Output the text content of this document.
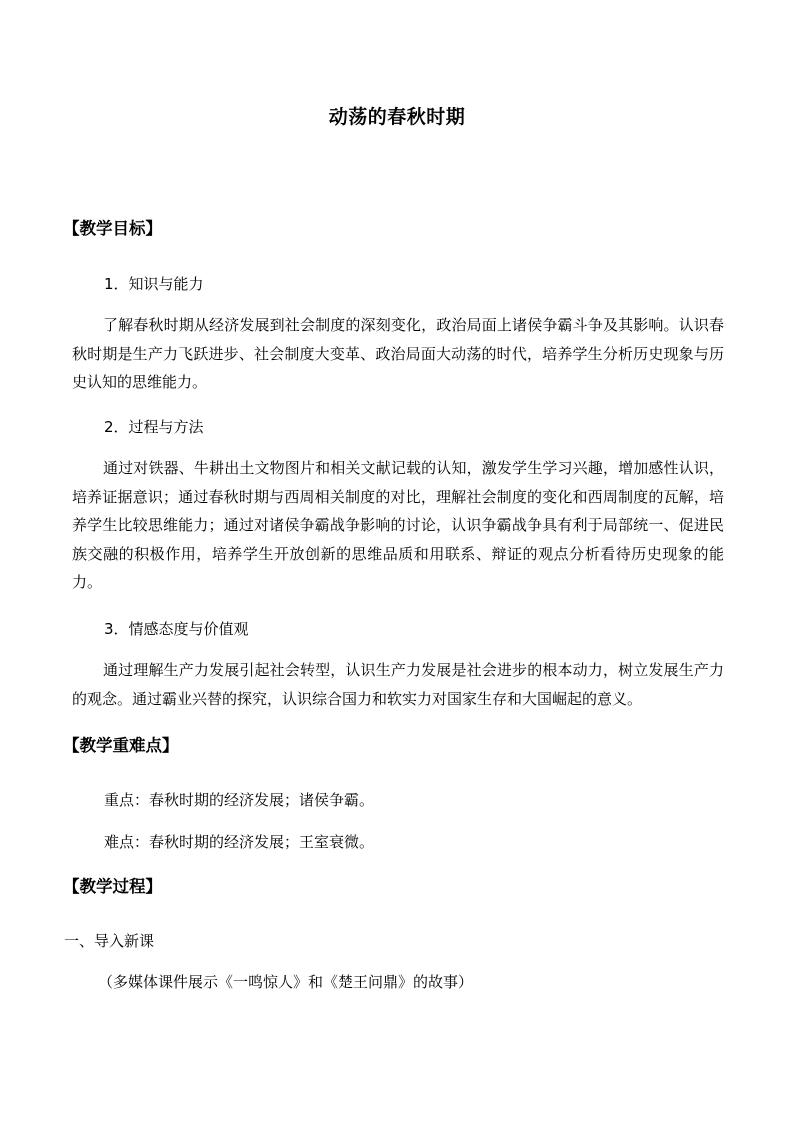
动荡的春秋时期
【教学目标】
1．知识与能力
了解春秋时期从经济发展到社会制度的深刻变化，政治局面上诸侯争霸斗争及其影响。认识春秋时期是生产力飞跃进步、社会制度大变革、政治局面大动荡的时代，培养学生分析历史现象与历史认知的思维能力。
2．过程与方法
通过对铁器、牛耕出土文物图片和相关文献记载的认知，激发学生学习兴趣，增加感性认识，培养证据意识；通过春秋时期与西周相关制度的对比，理解社会制度的变化和西周制度的瓦解，培养学生比较思维能力；通过对诸侯争霸战争影响的讨论，认识争霸战争具有利于局部统一、促进民族交融的积极作用，培养学生开放创新的思维品质和用联系、辩证的观点分析看待历史现象的能力。
3．情感态度与价值观
通过理解生产力发展引起社会转型，认识生产力发展是社会进步的根本动力，树立发展生产力的观念。通过霸业兴替的探究，认识综合国力和软实力对国家生存和大国崛起的意义。
【教学重难点】
重点：春秋时期的经济发展；诸侯争霸。
难点：春秋时期的经济发展；王室衰微。
【教学过程】
一、导入新课
（多媒体课件展示《一鸣惊人》和《楚王问鼎》的故事）
